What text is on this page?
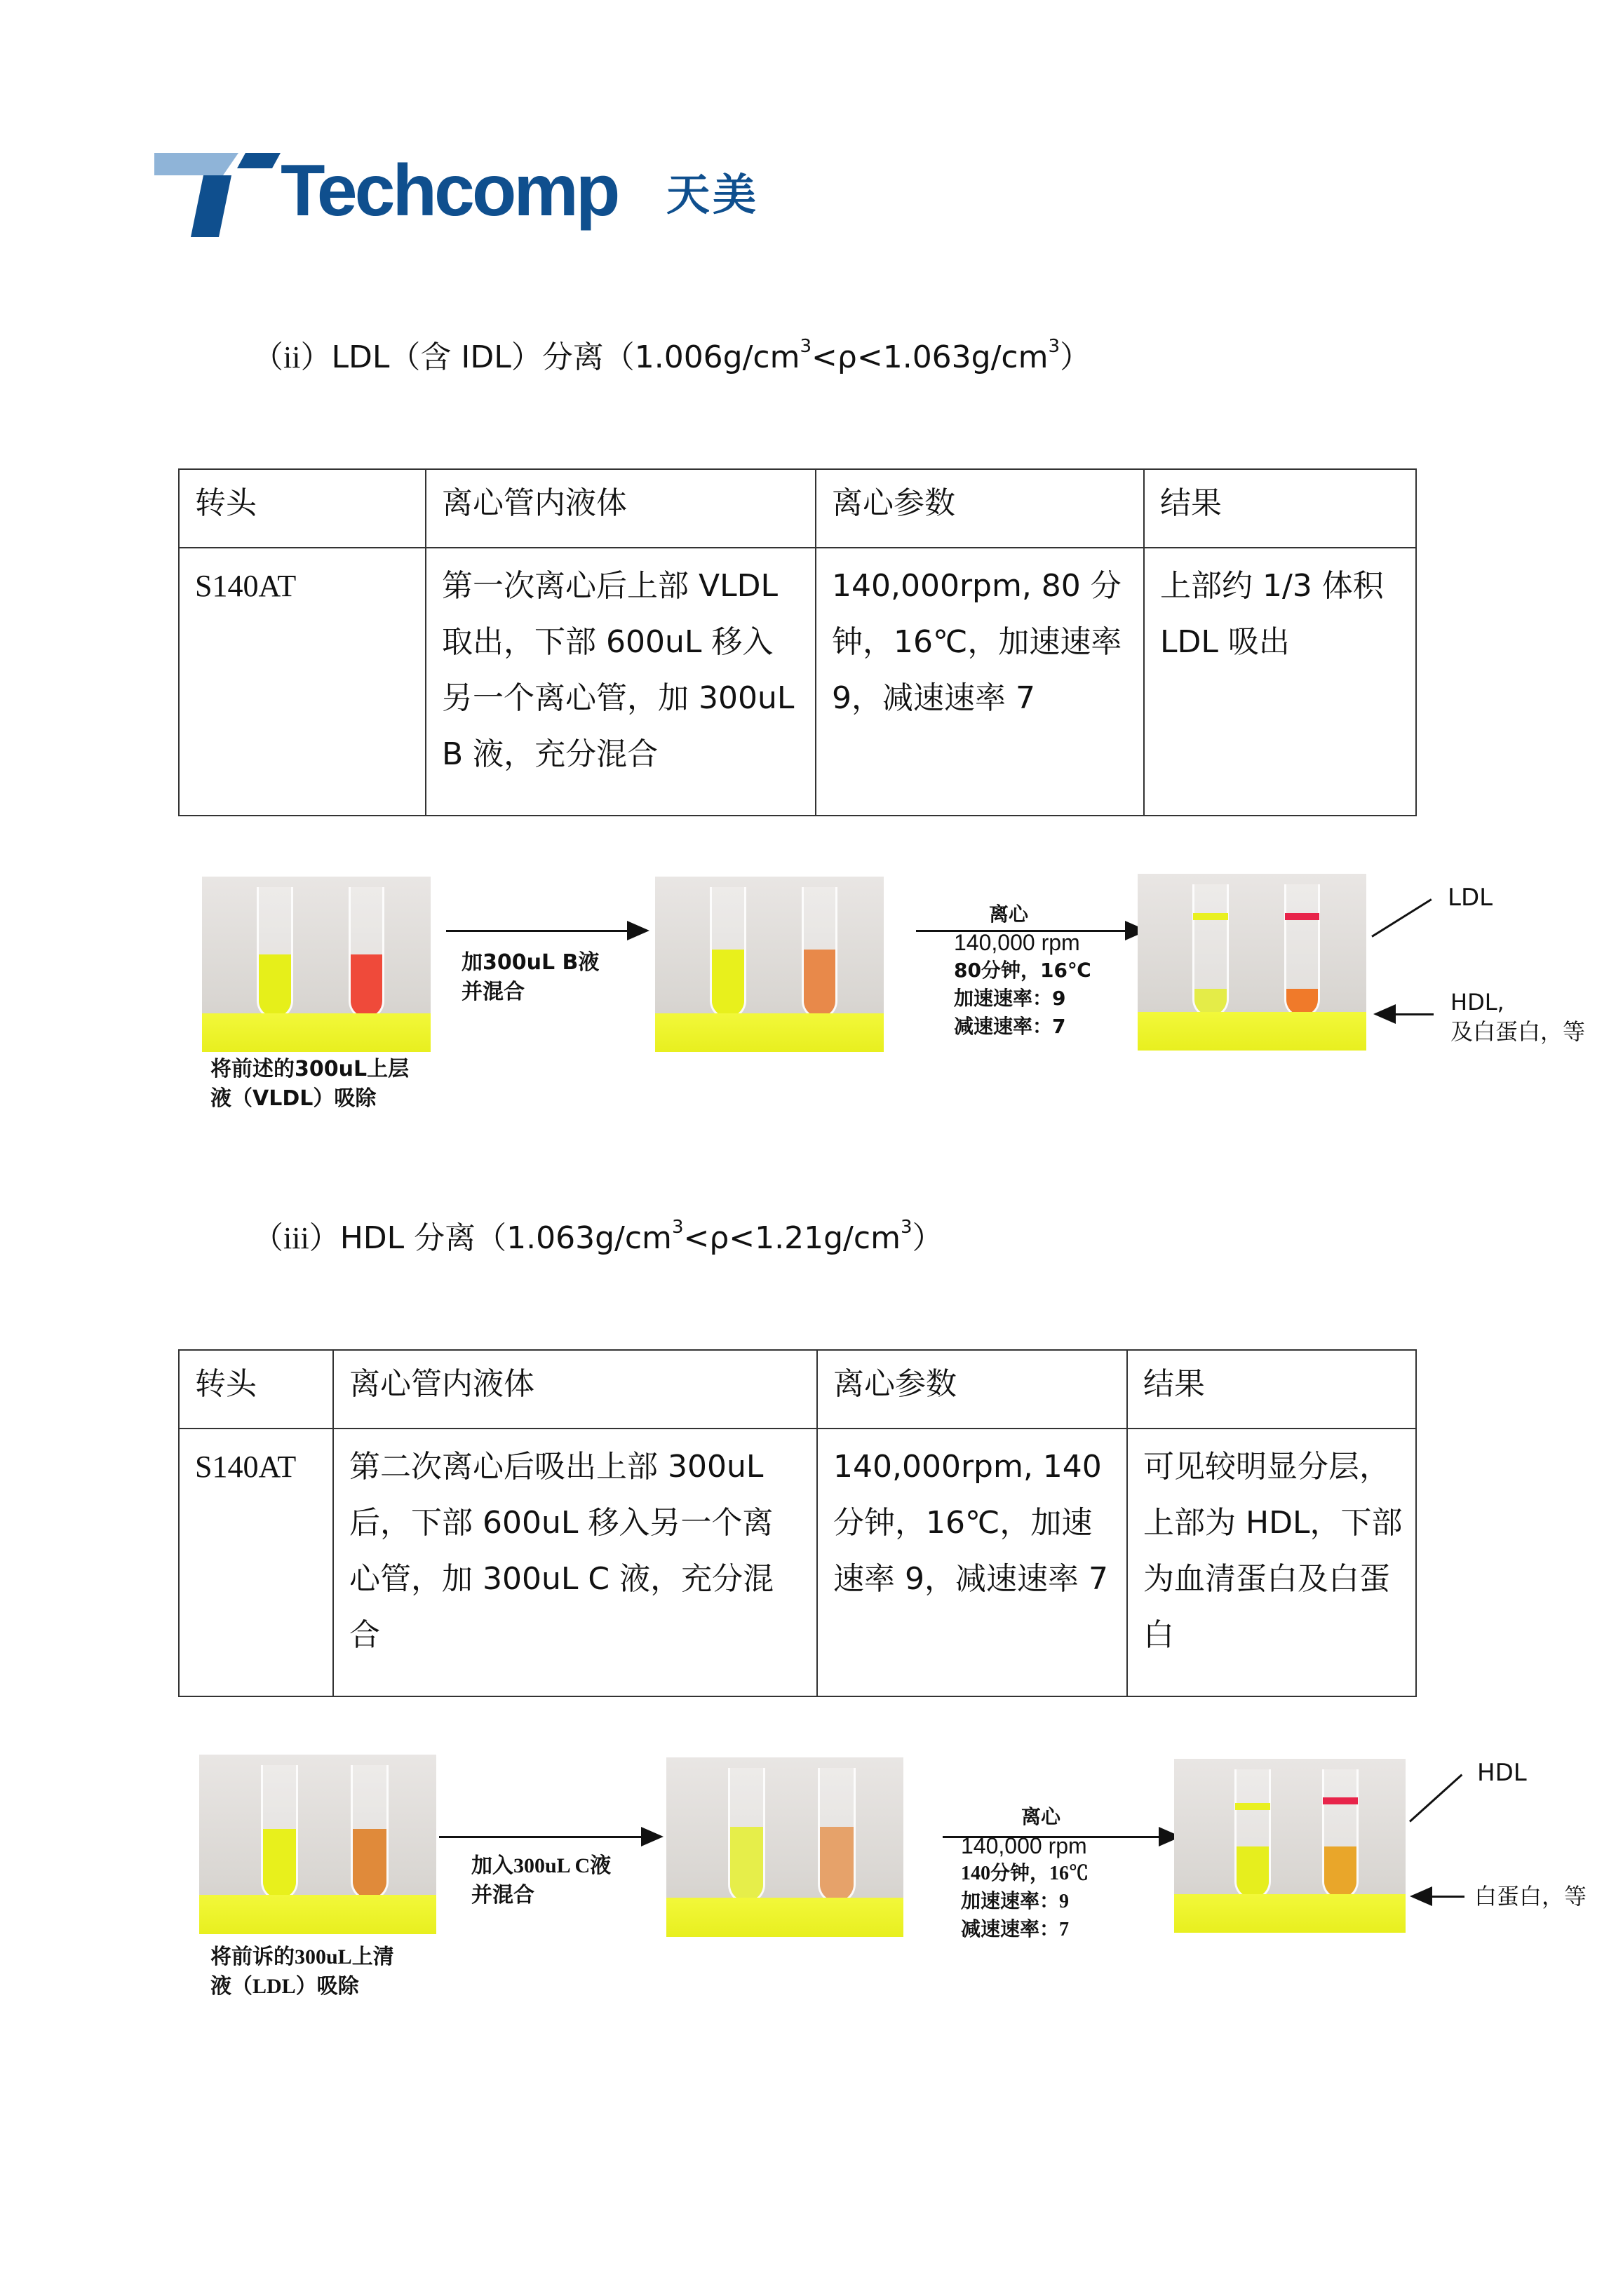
Techcomp 天美
（ii）LDL（含 IDL）分离$(1.006g/cm^3<\rho<1.063g/cm^3)$
转头	离心管内液体	离心参数	结果
S140AT	第一次离心后上部 VLDL 取出，下部 600uL 移入另一个离心管，加 300uL B 液，充分混合	140,000rpm, 80 分钟，16℃，加速速率 9，减速速率 7	上部约 1/3 体积 LDL 吸出
将前述的300uL上层
液（VLDL）吸除
加300uL B液
并混合
离心
140,000 rpm
80分钟，16℃
加速速率：9
减速速率：7
LDL
HDL,
及白蛋白，等
（iii）HDL 分离$(1.063g/cm^3<\rho<1.21g/cm^3)$
转头	离心管内液体	离心参数	结果
S140AT	第二次离心后吸出上部 300uL 后，下部 600uL 移入另一个离心管，加 300uL C 液，充分混合	140,000rpm, 140 分钟，16℃，加速速率 9，减速速率 7	可见较明显分层，上部为 HDL，下部为血清蛋白及白蛋白
将前诉的300uL上清
液（LDL）吸除
加入300uL C液
并混合
离心
140,000 rpm
140分钟，16℃
加速速率：9
减速速率：7
HDL
白蛋白，等
